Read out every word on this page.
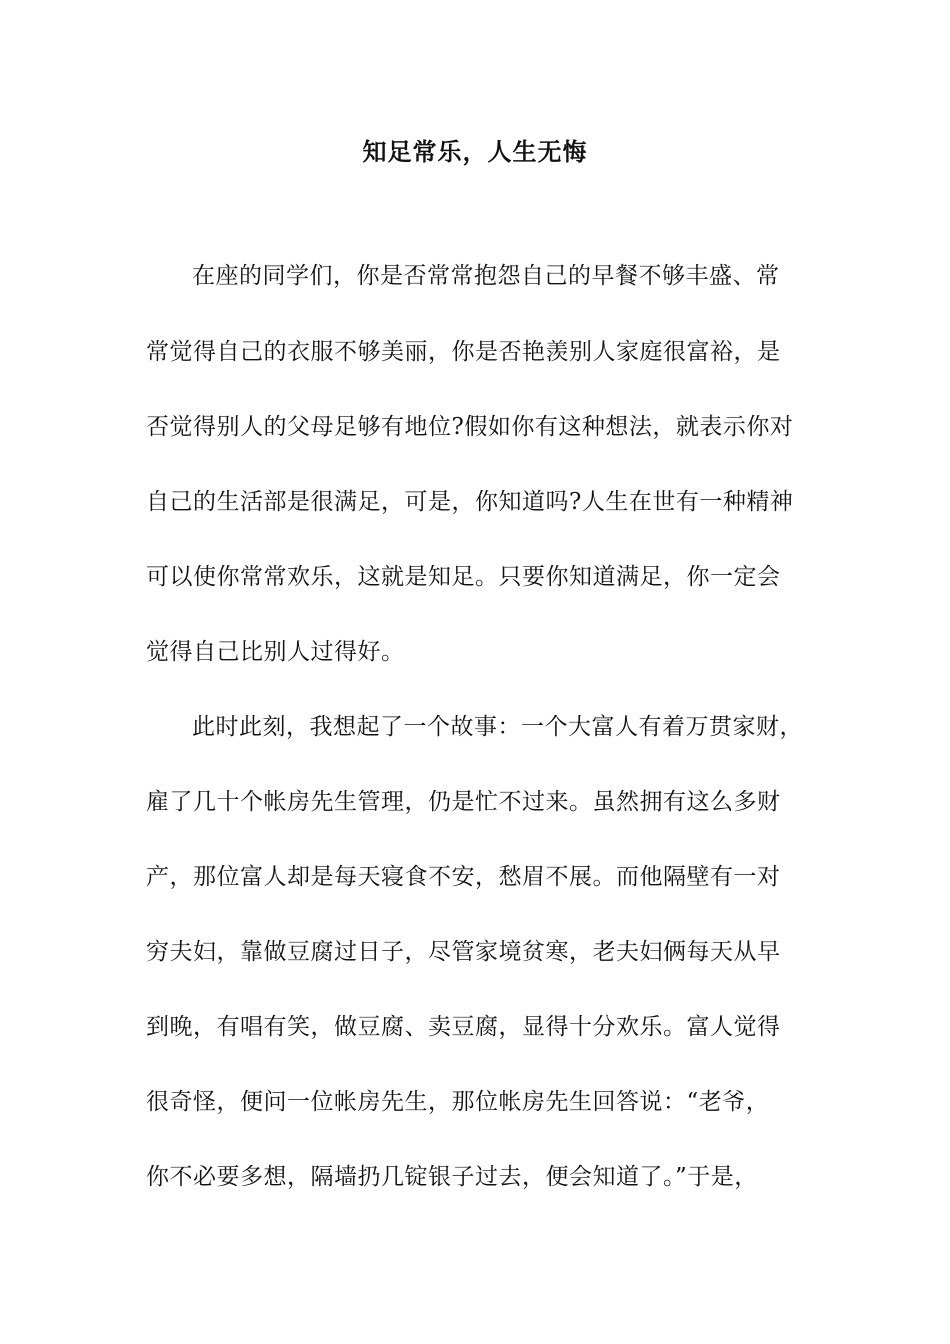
知足常乐，人生无悔
在座的同学们，你是否常常抱怨自己的早餐不够丰盛、常
常觉得自己的衣服不够美丽，你是否艳羡别人家庭很富裕，是
否觉得别人的父母足够有地位?假如你有这种想法，就表示你对
自己的生活部是很满足，可是，你知道吗?人生在世有一种精神
可以使你常常欢乐，这就是知足。只要你知道满足，你一定会
觉得自己比别人过得好。
此时此刻，我想起了一个故事：一个大富人有着万贯家财，
雇了几十个帐房先生管理，仍是忙不过来。虽然拥有这么多财
产，那位富人却是每天寝食不安，愁眉不展。而他隔壁有一对
穷夫妇，靠做豆腐过日子，尽管家境贫寒，老夫妇俩每天从早
到晚，有唱有笑，做豆腐、卖豆腐，显得十分欢乐。富人觉得
很奇怪，便问一位帐房先生，那位帐房先生回答说：“老爷，
你不必要多想，隔墙扔几锭银子过去，便会知道了。”于是，
